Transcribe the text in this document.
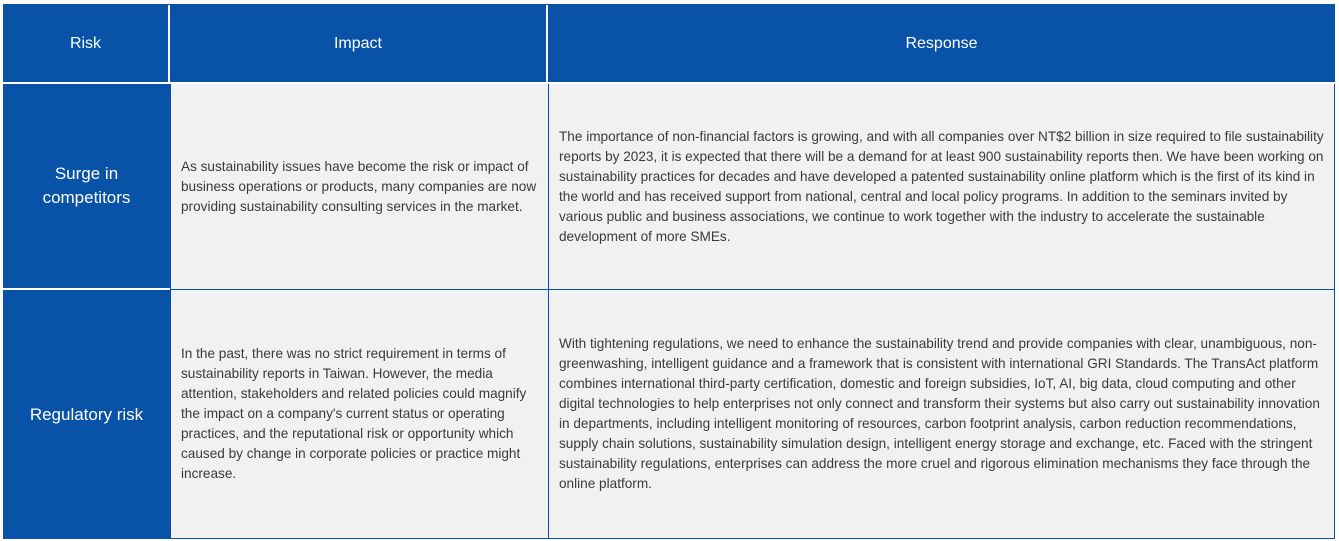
Risk	Impact	Response
Surge in competitors
As sustainability issues have become the risk or impact of business operations or products, many companies are now providing sustainability consulting services in the market.
The importance of non-financial factors is growing, and with all companies over NT$2 billion in size required to file sustainability reports by 2023, it is expected that there will be a demand for at least 900 sustainability reports then. We have been working on sustainability practices for decades and have developed a patented sustainability online platform which is the first of its kind in the world and has received support from national, central and local policy programs. In addition to the seminars invited by various public and business associations, we continue to work together with the industry to accelerate the sustainable development of more SMEs.
Regulatory risk
In the past, there was no strict requirement in terms of sustainability reports in Taiwan. However, the media attention, stakeholders and related policies could magnify the impact on a company's current status or operating practices, and the reputational risk or opportunity which caused by change in corporate policies or practice might increase.
With tightening regulations, we need to enhance the sustainability trend and provide companies with clear, unambiguous, non-greenwashing, intelligent guidance and a framework that is consistent with international GRI Standards. The TransAct platform combines international third-party certification, domestic and foreign subsidies, IoT, AI, big data, cloud computing and other digital technologies to help enterprises not only connect and transform their systems but also carry out sustainability innovation in departments, including intelligent monitoring of resources, carbon footprint analysis, carbon reduction recommendations, supply chain solutions, sustainability simulation design, intelligent energy storage and exchange, etc. Faced with the stringent sustainability regulations, enterprises can address the more cruel and rigorous elimination mechanisms they face through the online platform.
